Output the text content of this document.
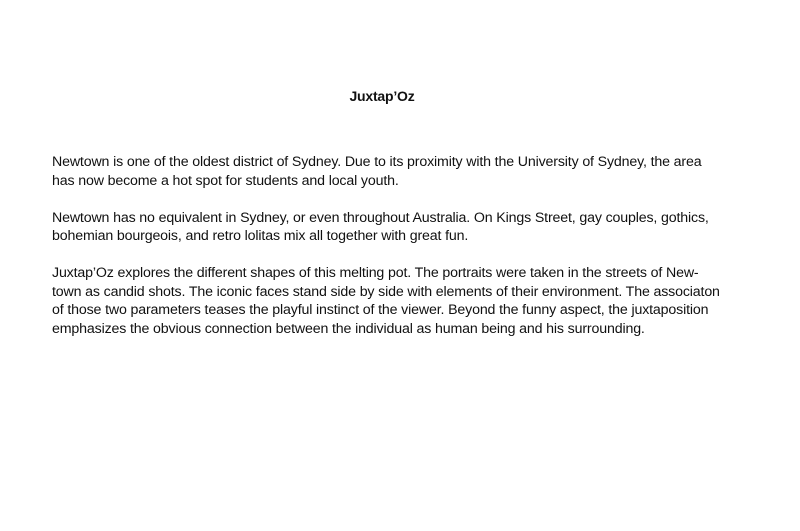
Juxtap’Oz

Newtown is one of the oldest district of Sydney. Due to its proximity with the University of Sydney, the area
has now become a hot spot for students and local youth.

Newtown has no equivalent in Sydney, or even throughout Australia. On Kings Street, gay couples, gothics,
bohemian bourgeois, and retro lolitas mix all together with great fun.

Juxtap’Oz explores the different shapes of this melting pot. The portraits were taken in the streets of New-
town as candid shots. The iconic faces stand side by side with elements of their environment. The associaton
of those two parameters teases the playful instinct of the viewer. Beyond the funny aspect, the juxtaposition
emphasizes the obvious connection between the individual as human being and his surrounding.
